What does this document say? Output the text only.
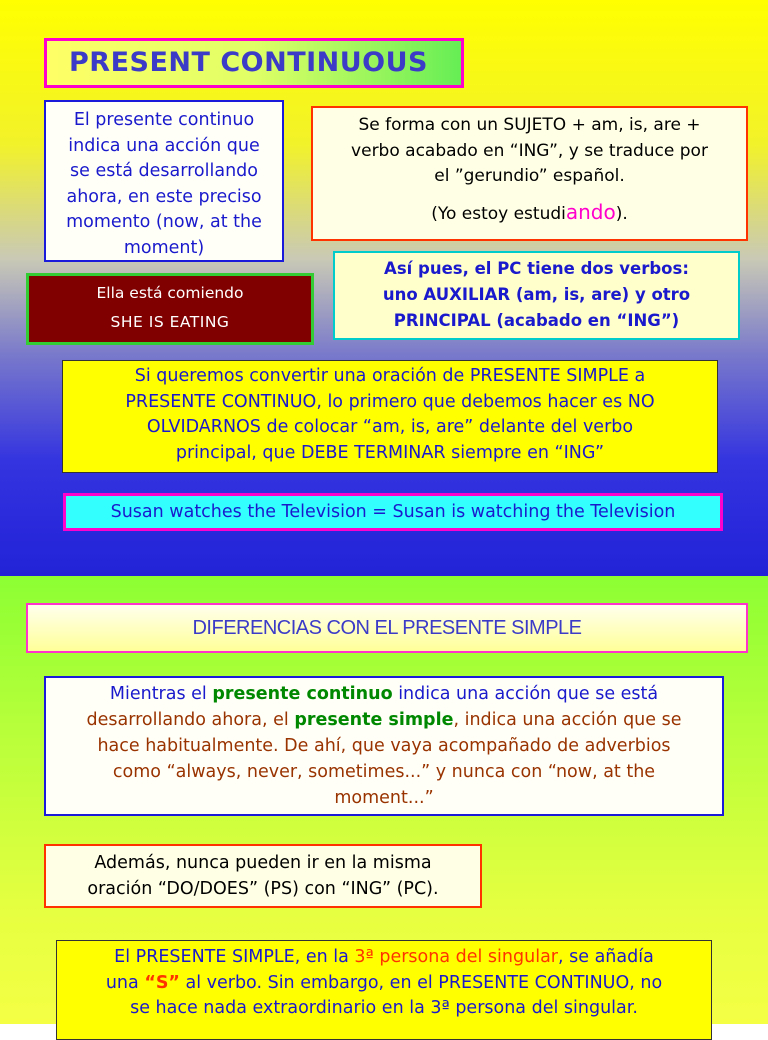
PRESENT CONTINUOUS
El presente continuo
indica una acción que
se está desarrollando
ahora, en este preciso
momento (now, at the
moment)
Se forma con un SUJETO + am, is, are +
verbo acabado en “ING”, y se traduce por
el ”gerundio” español.
(Yo estoy estudiando).
Ella está comiendo
SHE IS EATING
Así pues, el PC tiene dos verbos:
uno AUXILIAR (am, is, are) y otro
PRINCIPAL (acabado en “ING”)
Si queremos convertir una oración de PRESENTE SIMPLE a
PRESENTE CONTINUO, lo primero que debemos hacer es NO
OLVIDARNOS de colocar “am, is, are” delante del verbo
principal, que DEBE TERMINAR siempre en “ING”
Susan watches the Television = Susan is watching the Television
DIFERENCIAS CON EL PRESENTE SIMPLE
Mientras el presente continuo indica una acción que se está
desarrollando ahora, el presente simple, indica una acción que se
hace habitualmente. De ahí, que vaya acompañado de adverbios
como “always, never, sometimes...” y nunca con “now, at the
moment...”
Además, nunca pueden ir en la misma
oración “DO/DOES” (PS) con “ING” (PC).
El PRESENTE SIMPLE, en la 3ª persona del singular, se añadía
una “S” al verbo. Sin embargo, en el PRESENTE CONTINUO, no
se hace nada extraordinario en la 3ª persona del singular.
